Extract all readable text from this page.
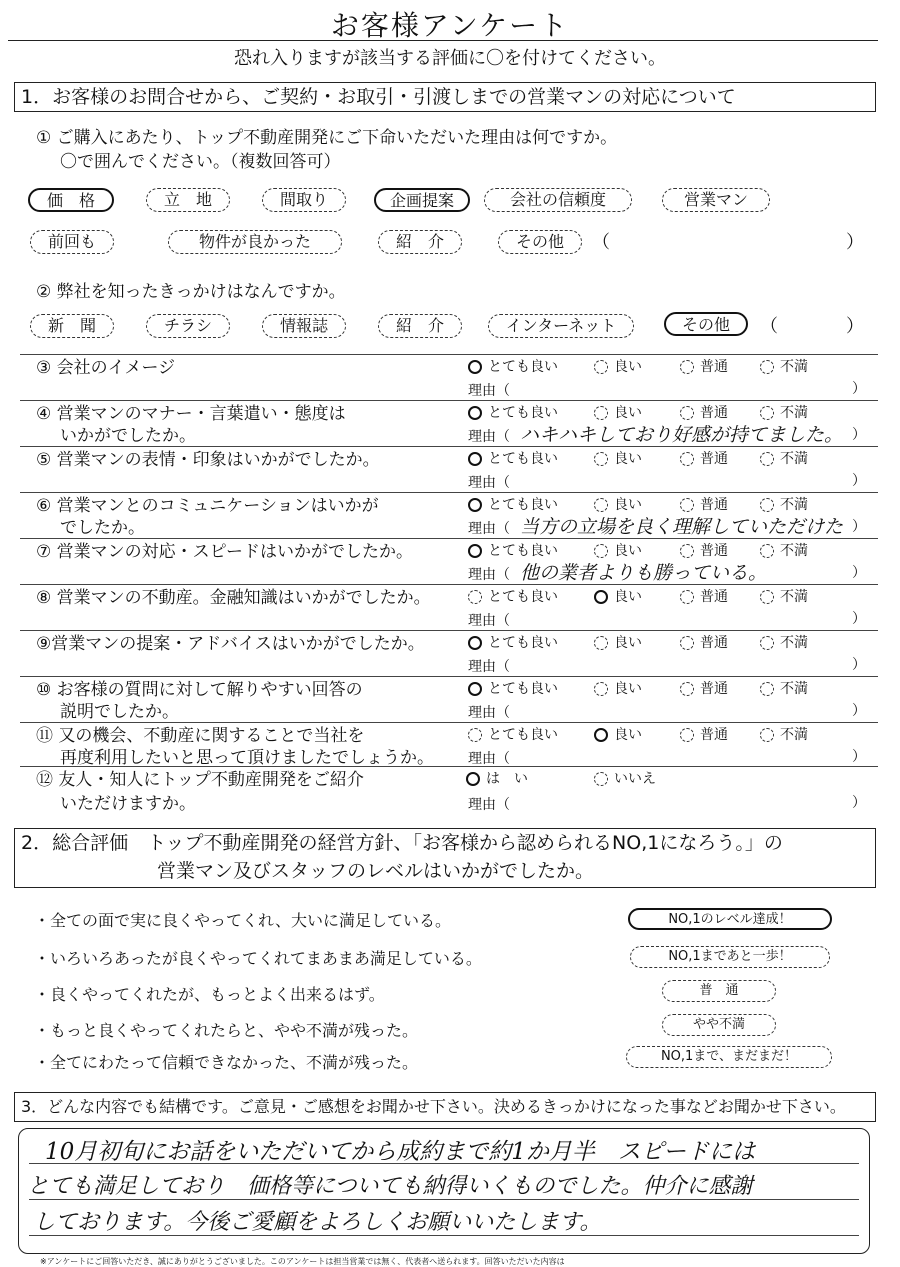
お客様アンケート
恐れ入りますが該当する評価に〇を付けてください。
1．お客様のお問合せから、ご契約・お取引・引渡しまでの営業マンの対応について
① ご購入にあたり、トップ不動産開発にご下命いただいた理由は何ですか。
〇で囲んでください。（複数回答可）
価　格	立　地	間取り	企画提案	会社の信頼度	営業マン
前回も	物件が良かった	紹　介	その他	（	）
② 弊社を知ったきっかけはなんですか。
新　聞	チラシ	情報誌	紹　介	インターネット	その他	（	）
③ 会社のイメージ	とても良い	良い	普通	不満
理由（	）
④ 営業マンのマナー・言葉遣い・態度は
いかがでしたか。
とても良い	良い	普通	不満
理由（ ハキハキしており好感が持てました。 ）
⑤ 営業マンの表情・印象はいかがでしたか。	とても良い	良い	普通	不満
理由（	）
⑥ 営業マンとのコミュニケーションはいかが
でしたか。
とても良い	良い	普通	不満
理由（ 当方の立場を良く理解していただけた ）
⑦ 営業マンの対応・スピードはいかがでしたか。	とても良い	良い	普通	不満
理由（ 他の業者よりも勝っている。	）
⑧ 営業マンの不動産。金融知識はいかがでしたか。	とても良い	良い	普通	不満
理由（	）
⑨営業マンの提案・アドバイスはいかがでしたか。	とても良い	良い	普通	不満
理由（	）
⑩ お客様の質問に対して解りやすい回答の
説明でしたか。
とても良い	良い	普通	不満
理由（	）
⑪ 又の機会、不動産に関することで当社を
再度利用したいと思って頂けましたでしょうか。
とても良い	良い	普通	不満
理由（	）
⑫ 友人・知人にトップ不動産開発をご紹介
いただけますか。
は　い	いいえ
理由（	）
2．総合評価　トップ不動産開発の経営方針、「お客様から認められるNO,1になろう。」の
営業マン及びスタッフのレベルはいかがでしたか。
・全ての面で実に良くやってくれ、大いに満足している。	NO,1のレベル達成！
・いろいろあったが良くやってくれてまあまあ満足している。	NO,1まであと一歩！
・良くやってくれたが、もっとよく出来るはず。	普　通
・もっと良くやってくれたらと、やや不満が残った。	やや不満
・全てにわたって信頼できなかった、不満が残った。	NO,1まで、まだまだ！
3．どんな内容でも結構です。ご意見・ご感想をお聞かせ下さい。決めるきっかけになった事などお聞かせ下さい。
10月初旬にお話をいただいてから成約まで約1か月半　スピードには
とても満足しており　価格等についても納得いくものでした。仲介に感謝
しております。今後ご愛顧をよろしくお願いいたします。
※アンケートにご回答いただき、誠にありがとうございました。このアンケートは担当営業では無く、代表者へ送られます。回答いただいた内容は
